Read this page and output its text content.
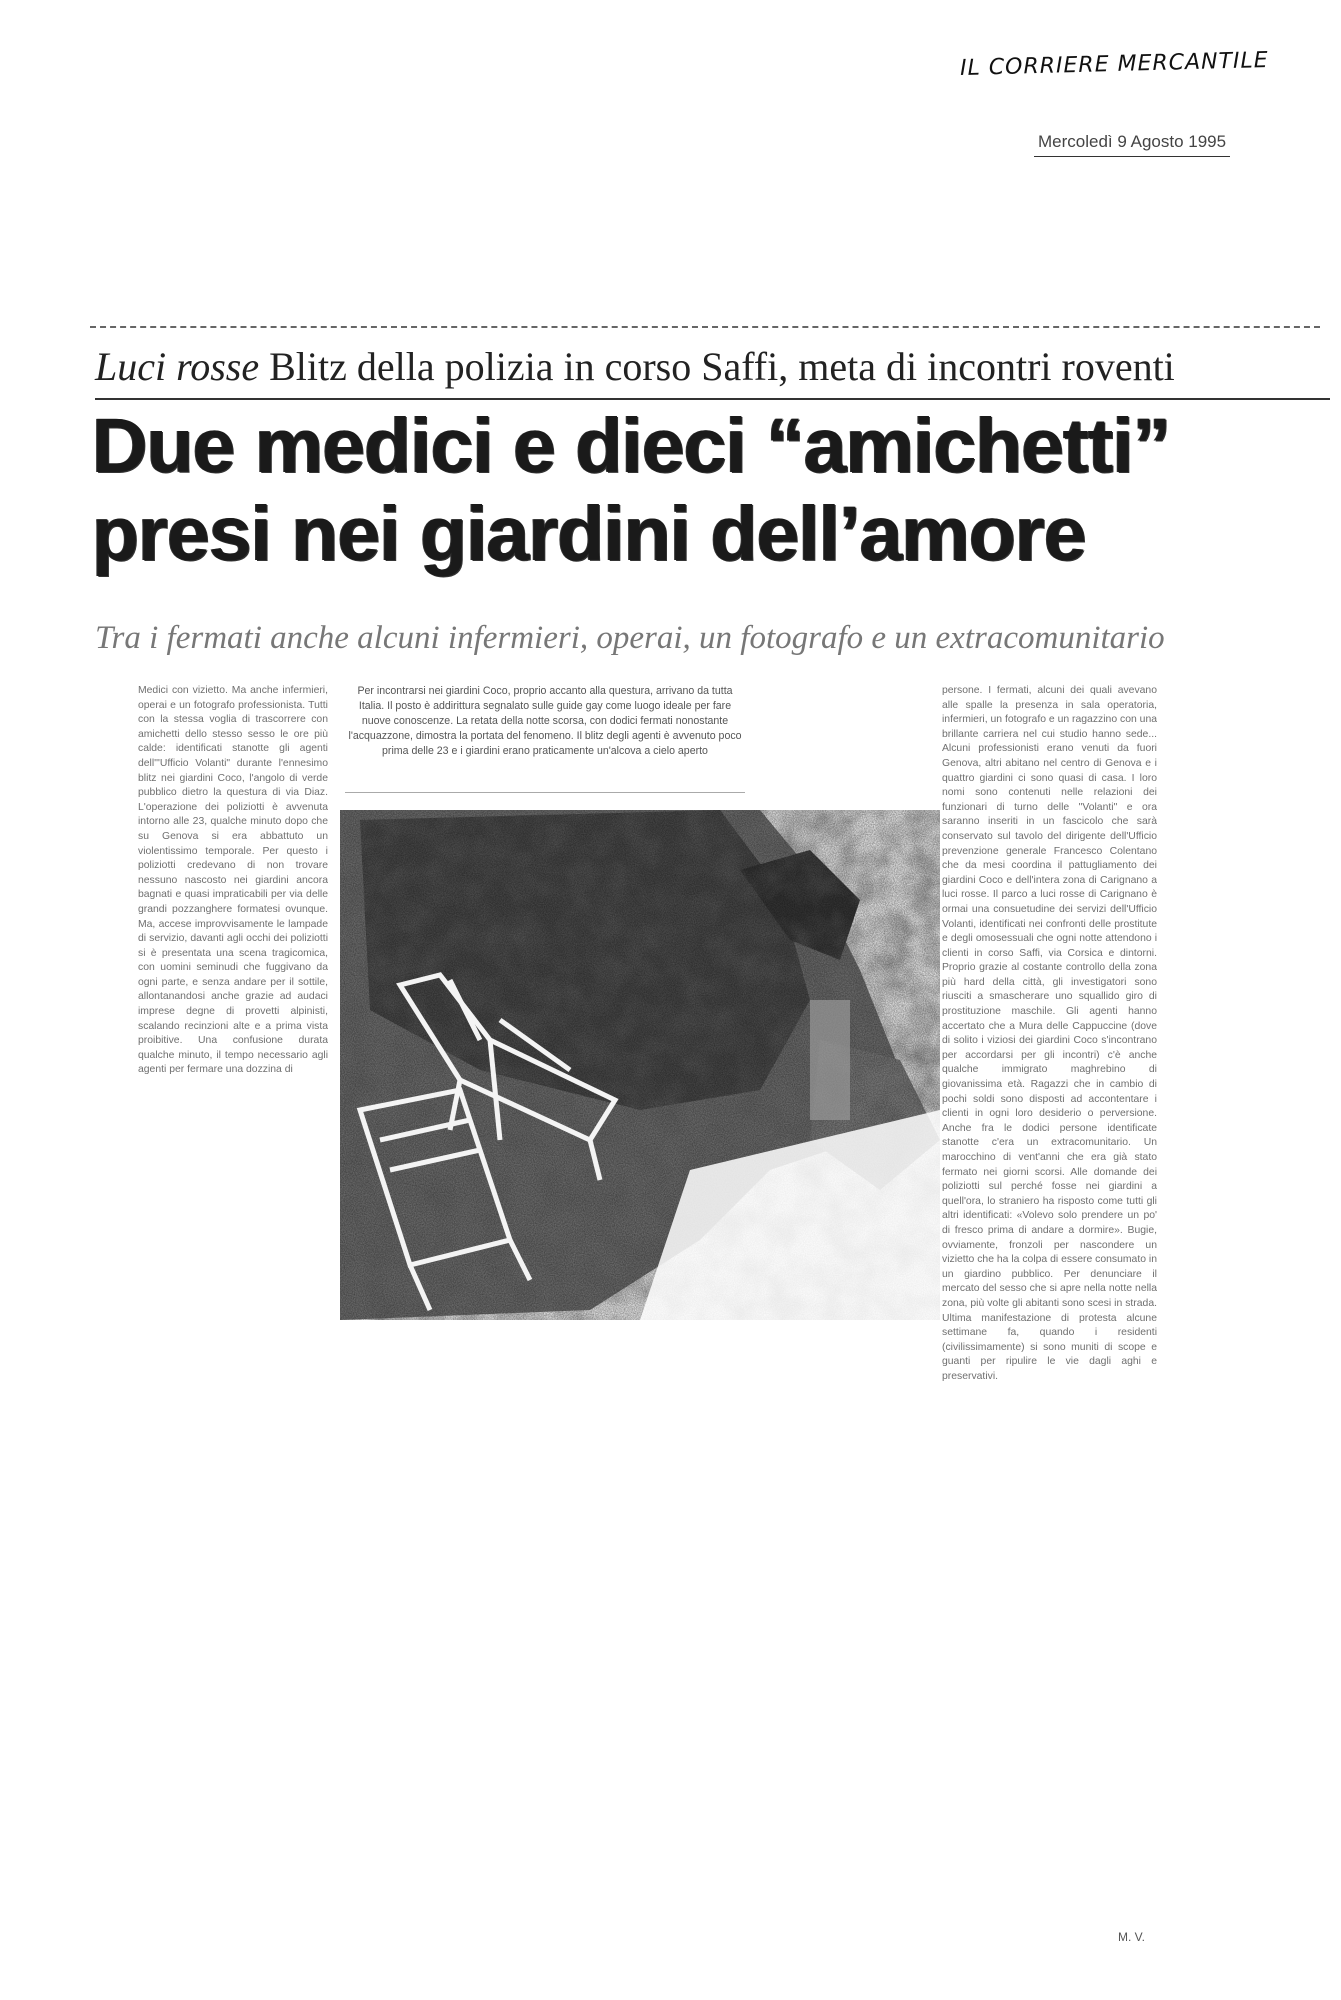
IL CORRIERE MERCANTILE
Mercoledì 9 Agosto 1995
Luci rosse Blitz della polizia in corso Saffi, meta di incontri roventi
Due medici e dieci “amichetti”
presi nei giardini dell’amore
Tra i fermati anche alcuni infermieri, operai, un fotografo e un extracomunitario
Medici con vizietto. Ma anche infermieri, operai e un fotografo professionista. Tutti con la stessa voglia di trascorrere con amichetti dello stesso sesso le ore più calde: identificati stanotte gli agenti dell'"Ufficio Volanti" durante l'ennesimo blitz nei giardini Coco, l'angolo di verde pubblico dietro la questura di via Diaz. L'operazione dei poliziotti è avvenuta intorno alle 23, qualche minuto dopo che su Genova si era abbattuto un violentissimo temporale. Per questo i poliziotti credevano di non trovare nessuno nascosto nei giardini ancora bagnati e quasi impraticabili per via delle grandi pozzanghere formatesi ovunque. Ma, accese improvvisamente le lampade di servizio, davanti agli occhi dei poliziotti si è presentata una scena tragicomica, con uomini seminudi che fuggivano da ogni parte, e senza andare per il sottile, allontanandosi anche grazie ad audaci imprese degne di provetti alpinisti, scalando recinzioni alte e a prima vista proibitive. Una confusione durata qualche minuto, il tempo necessario agli agenti per fermare una dozzina di
Per incontrarsi nei giardini Coco, proprio accanto alla questura, arrivano da tutta Italia. Il posto è addirittura segnalato sulle guide gay come luogo ideale per fare nuove conoscenze. La retata della notte scorsa, con dodici fermati nonostante l'acquazzone, dimostra la portata del fenomeno. Il blitz degli agenti è avvenuto poco prima delle 23 e i giardini erano praticamente un'alcova a cielo aperto
persone. I fermati, alcuni dei quali avevano alle spalle la presenza in sala operatoria, infermieri, un fotografo e un ragazzino con una brillante carriera nel cui studio hanno sede... Alcuni professionisti erano venuti da fuori Genova, altri abitano nel centro di Genova e i quattro giardini ci sono quasi di casa. I loro nomi sono contenuti nelle relazioni dei funzionari di turno delle "Volanti" e ora saranno inseriti in un fascicolo che sarà conservato sul tavolo del dirigente dell'Ufficio prevenzione generale Francesco Colentano che da mesi coordina il pattugliamento dei giardini Coco e dell'intera zona di Carignano a luci rosse. Il parco a luci rosse di Carignano è ormai una consuetudine dei servizi dell'Ufficio Volanti, identificati nei confronti delle prostitute e degli omosessuali che ogni notte attendono i clienti in corso Saffi, via Corsica e dintorni. Proprio grazie al costante controllo della zona più hard della città, gli investigatori sono riusciti a smascherare uno squallido giro di prostituzione maschile. Gli agenti hanno accertato che a Mura delle Cappuccine (dove di solito i viziosi dei giardini Coco s'incontrano per accordarsi per gli incontri) c'è anche qualche immigrato maghrebino di giovanissima età. Ragazzi che in cambio di pochi soldi sono disposti ad accontentare i clienti in ogni loro desiderio o perversione. Anche fra le dodici persone identificate stanotte c'era un extracomunitario. Un marocchino di vent'anni che era già stato fermato nei giorni scorsi. Alle domande dei poliziotti sul perché fosse nei giardini a quell'ora, lo straniero ha risposto come tutti gli altri identificati: «Volevo solo prendere un po' di fresco prima di andare a dormire». Bugie, ovviamente, fronzoli per nascondere un vizietto che ha la colpa di essere consumato in un giardino pubblico. Per denunciare il mercato del sesso che si apre nella notte nella zona, più volte gli abitanti sono scesi in strada. Ultima manifestazione di protesta alcune settimane fa, quando i residenti (civilissimamente) si sono muniti di scope e guanti per ripulire le vie dagli aghi e preservativi.
M. V.
